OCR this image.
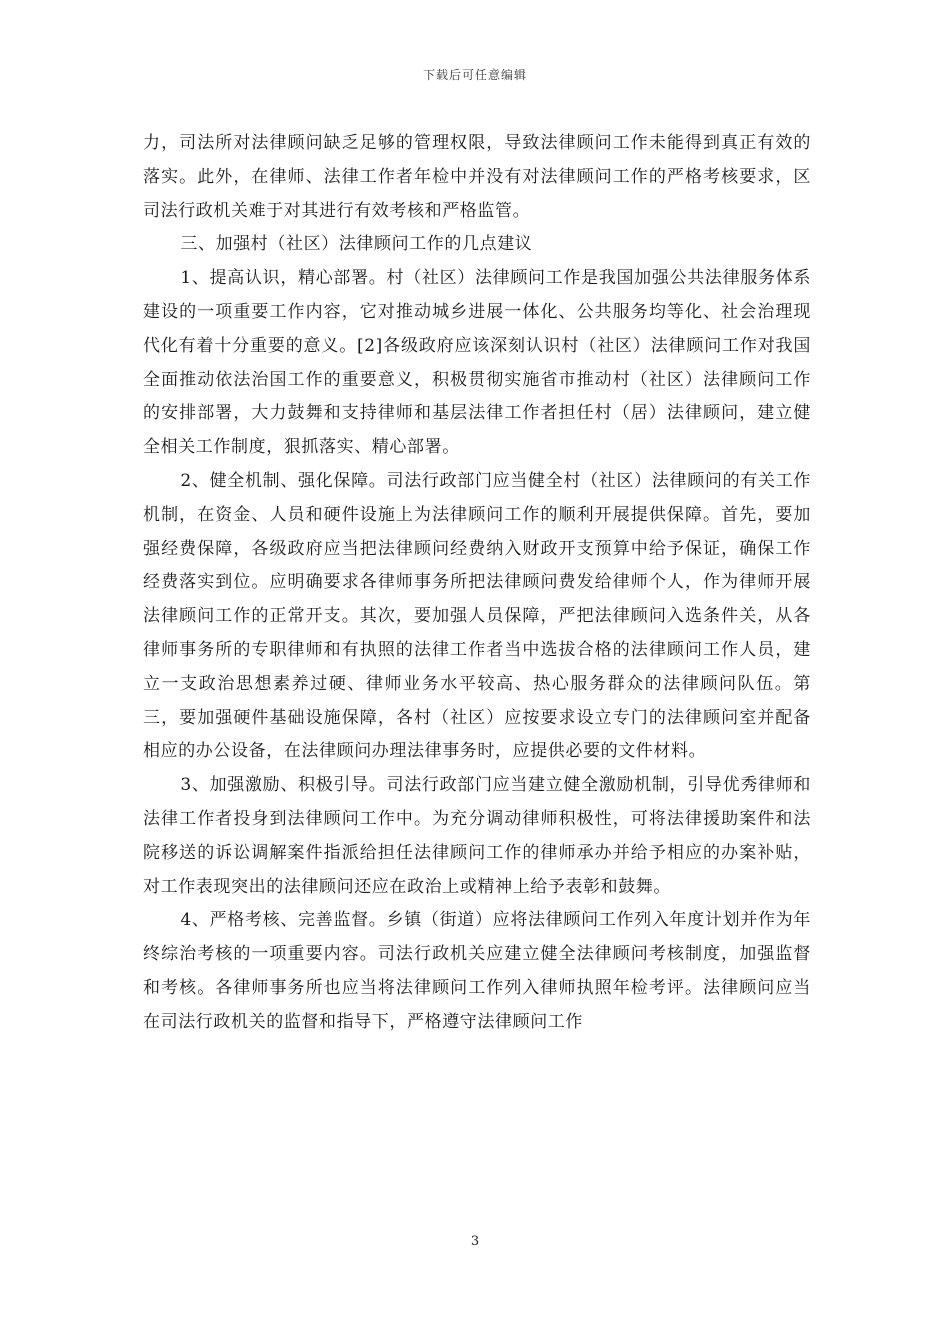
下载后可任意编辑

力，司法所对法律顾问缺乏足够的管理权限，导致法律顾问工作未能得到真正有效的落实。此外，在律师、法律工作者年检中并没有对法律顾问工作的严格考核要求，区司法行政机关难于对其进行有效考核和严格监管。

三、加强村（社区）法律顾问工作的几点建议

1、提高认识，精心部署。村（社区）法律顾问工作是我国加强公共法律服务体系建设的一项重要工作内容，它对推动城乡进展一体化、公共服务均等化、社会治理现代化有着十分重要的意义。[2]各级政府应该深刻认识村（社区）法律顾问工作对我国全面推动依法治国工作的重要意义，积极贯彻实施省市推动村（社区）法律顾问工作的安排部署，大力鼓舞和支持律师和基层法律工作者担任村（居）法律顾问，建立健全相关工作制度，狠抓落实、精心部署。

2、健全机制、强化保障。司法行政部门应当健全村（社区）法律顾问的有关工作机制，在资金、人员和硬件设施上为法律顾问工作的顺利开展提供保障。首先，要加强经费保障，各级政府应当把法律顾问经费纳入财政开支预算中给予保证，确保工作经费落实到位。应明确要求各律师事务所把法律顾问费发给律师个人，作为律师开展法律顾问工作的正常开支。其次，要加强人员保障，严把法律顾问入选条件关，从各律师事务所的专职律师和有执照的法律工作者当中选拔合格的法律顾问工作人员，建立一支政治思想素养过硬、律师业务水平较高、热心服务群众的法律顾问队伍。第三，要加强硬件基础设施保障，各村（社区）应按要求设立专门的法律顾问室并配备相应的办公设备，在法律顾问办理法律事务时，应提供必要的文件材料。

3、加强激励、积极引导。司法行政部门应当建立健全激励机制，引导优秀律师和法律工作者投身到法律顾问工作中。为充分调动律师积极性，可将法律援助案件和法院移送的诉讼调解案件指派给担任法律顾问工作的律师承办并给予相应的办案补贴，对工作表现突出的法律顾问还应在政治上或精神上给予表彰和鼓舞。

4、严格考核、完善监督。乡镇（街道）应将法律顾问工作列入年度计划并作为年终综治考核的一项重要内容。司法行政机关应建立健全法律顾问考核制度，加强监督和考核。各律师事务所也应当将法律顾问工作列入律师执照年检考评。法律顾问应当在司法行政机关的监督和指导下，严格遵守法律顾问工作

3
